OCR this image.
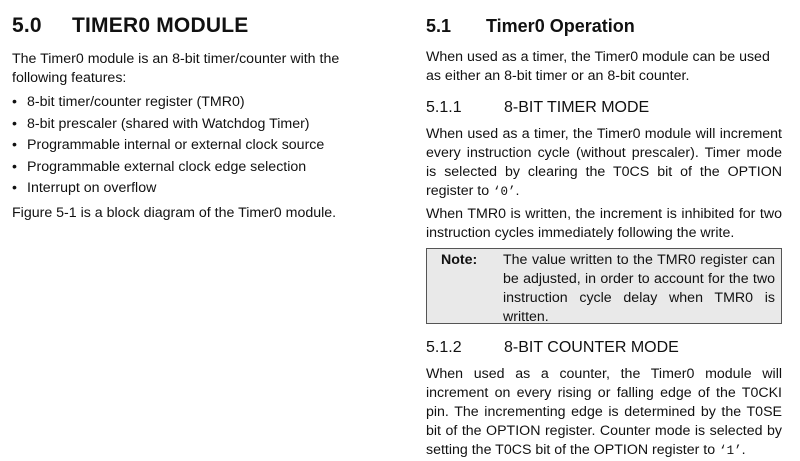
5.0 TIMER0 MODULE
The Timer0 module is an 8-bit timer/counter with the following features:
• 8-bit timer/counter register (TMR0)
• 8-bit prescaler (shared with Watchdog Timer)
• Programmable internal or external clock source
• Programmable external clock edge selection
• Interrupt on overflow
Figure 5-1 is a block diagram of the Timer0 module.
5.1 Timer0 Operation
When used as a timer, the Timer0 module can be used as either an 8-bit timer or an 8-bit counter.
5.1.1	8-BIT TIMER MODE
When used as a timer, the Timer0 module will increment every instruction cycle (without prescaler). Timer mode is selected by clearing the T0CS bit of the OPTION register to ‘0’.
When TMR0 is written, the increment is inhibited for two instruction cycles immediately following the write.
Note: The value written to the TMR0 register can be adjusted, in order to account for the two instruction cycle delay when TMR0 is written.
5.1.2	8-BIT COUNTER MODE
When used as a counter, the Timer0 module will increment on every rising or falling edge of the T0CKI pin. The incrementing edge is determined by the T0SE bit of the OPTION register. Counter mode is selected by setting the T0CS bit of the OPTION register to ‘1’.
